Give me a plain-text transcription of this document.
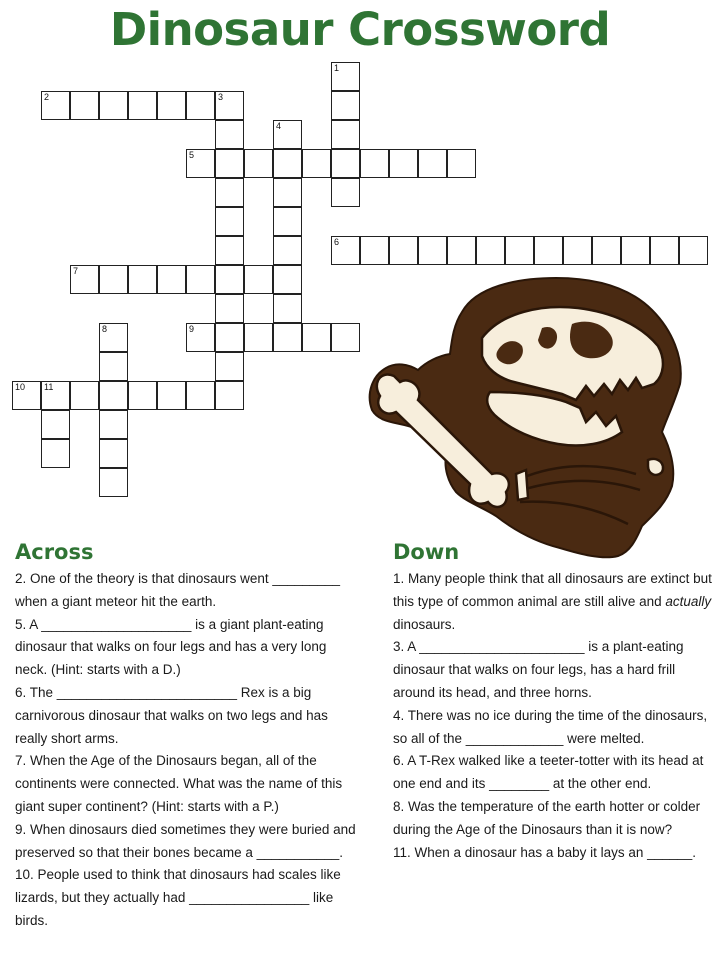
Dinosaur Crossword
1
2	3
4
5
6
7
8	9
10 11
Across

2. One of the theory is that dinosaurs went _________ when a giant meteor hit the earth.

5. A ____________________ is a giant plant-eating dinosaur that walks on four legs and has a very long neck. (Hint: starts with a D.)

6. The ________________________ Rex is a big carnivorous dinosaur that walks on two legs and has really short arms.

7. When the Age of the Dinosaurs began, all of the continents were connected. What was the name of this giant super continent? (Hint: starts with a P.)

9. When dinosaurs died sometimes they were buried and preserved so that their bones became a ___________.

10. People used to think that dinosaurs had scales like lizards, but they actually had ________________ like birds.

Down

1. Many people think that all dinosaurs are extinct but this type of common animal are still alive and actually dinosaurs.

3. A ______________________ is a plant-eating dinosaur that walks on four legs, has a hard frill around its head, and three horns.

4. There was no ice during the time of the dinosaurs, so all of the _____________ were melted.

6. A T-Rex walked like a teeter-totter with its head at one end and its ________ at the other end.

8. Was the temperature of the earth hotter or colder during the Age of the Dinosaurs than it is now?

11. When a dinosaur has a baby it lays an ______.
